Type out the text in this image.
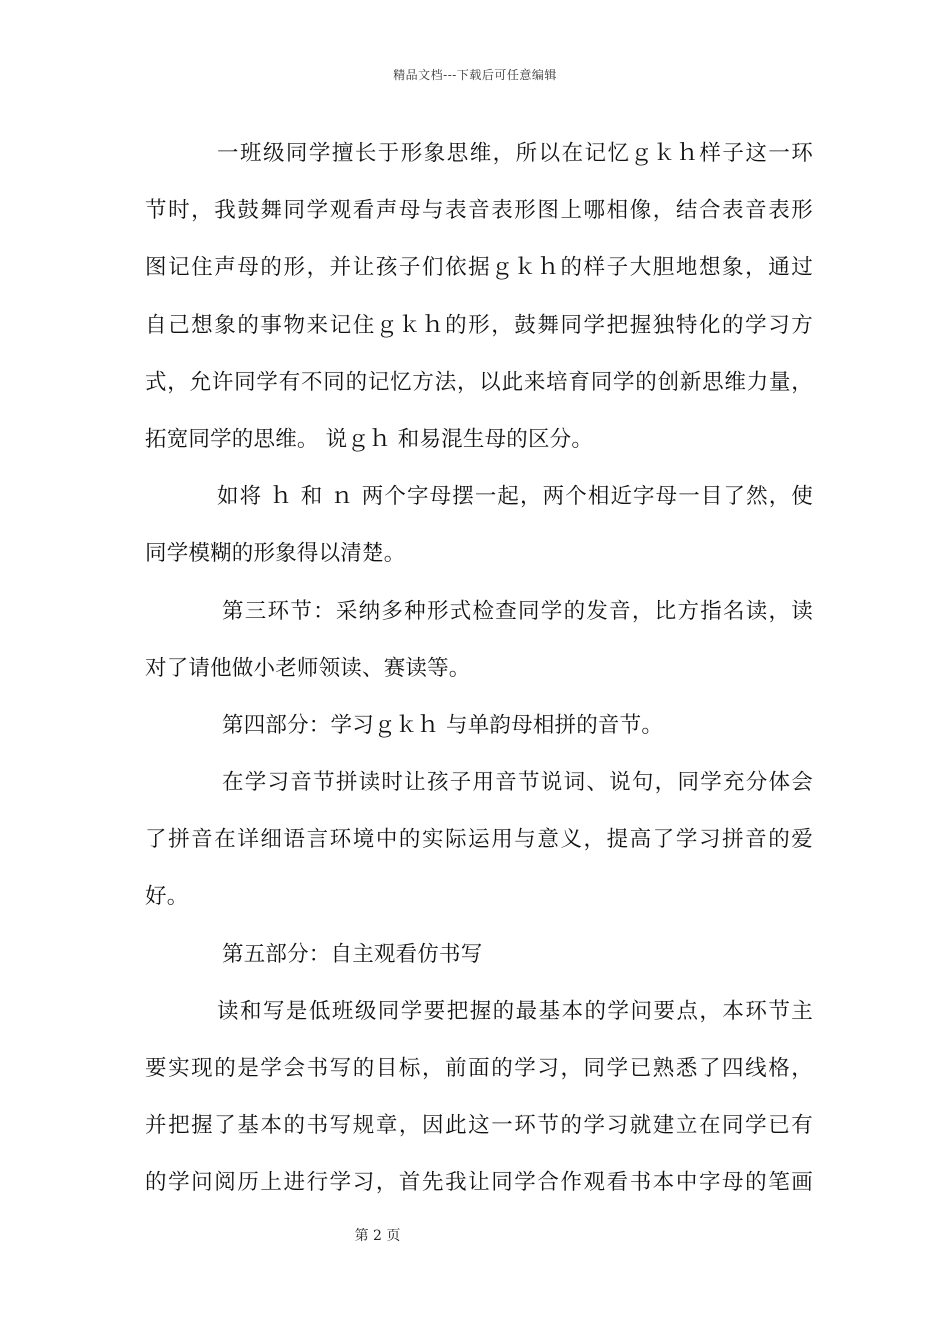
精品文档---下载后可任意编辑
一班级同学擅长于形象思维，所以在记忆ｇｋｈ样子这一环
节时，我鼓舞同学观看声母与表音表形图上哪相像，结合表音表形
图记住声母的形，并让孩子们依据ｇｋｈ的样子大胆地想象，通过
自己想象的事物来记住ｇｋｈ的形，鼓舞同学把握独特化的学习方
式，允许同学有不同的记忆方法，以此来培育同学的创新思维力量，
拓宽同学的思维。 说ｇｈ 和易混生母的区分。
如将 ｈ 和 ｎ 两个字母摆一起，两个相近字母一目了然，使
同学模糊的形象得以清楚。
第三环节：采纳多种形式检查同学的发音，比方指名读，读
对了请他做小老师领读、赛读等。
第四部分：学习ｇｋｈ 与单韵母相拼的音节。
在学习音节拼读时让孩子用音节说词、说句，同学充分体会
了拼音在详细语言环境中的实际运用与意义，提高了学习拼音的爱
好。
第五部分：自主观看仿书写
读和写是低班级同学要把握的最基本的学问要点，本环节主
要实现的是学会书写的目标，前面的学习，同学已熟悉了四线格，
并把握了基本的书写规章，因此这一环节的学习就建立在同学已有
的学问阅历上进行学习，首先我让同学合作观看书本中字母的笔画
第 2 页
